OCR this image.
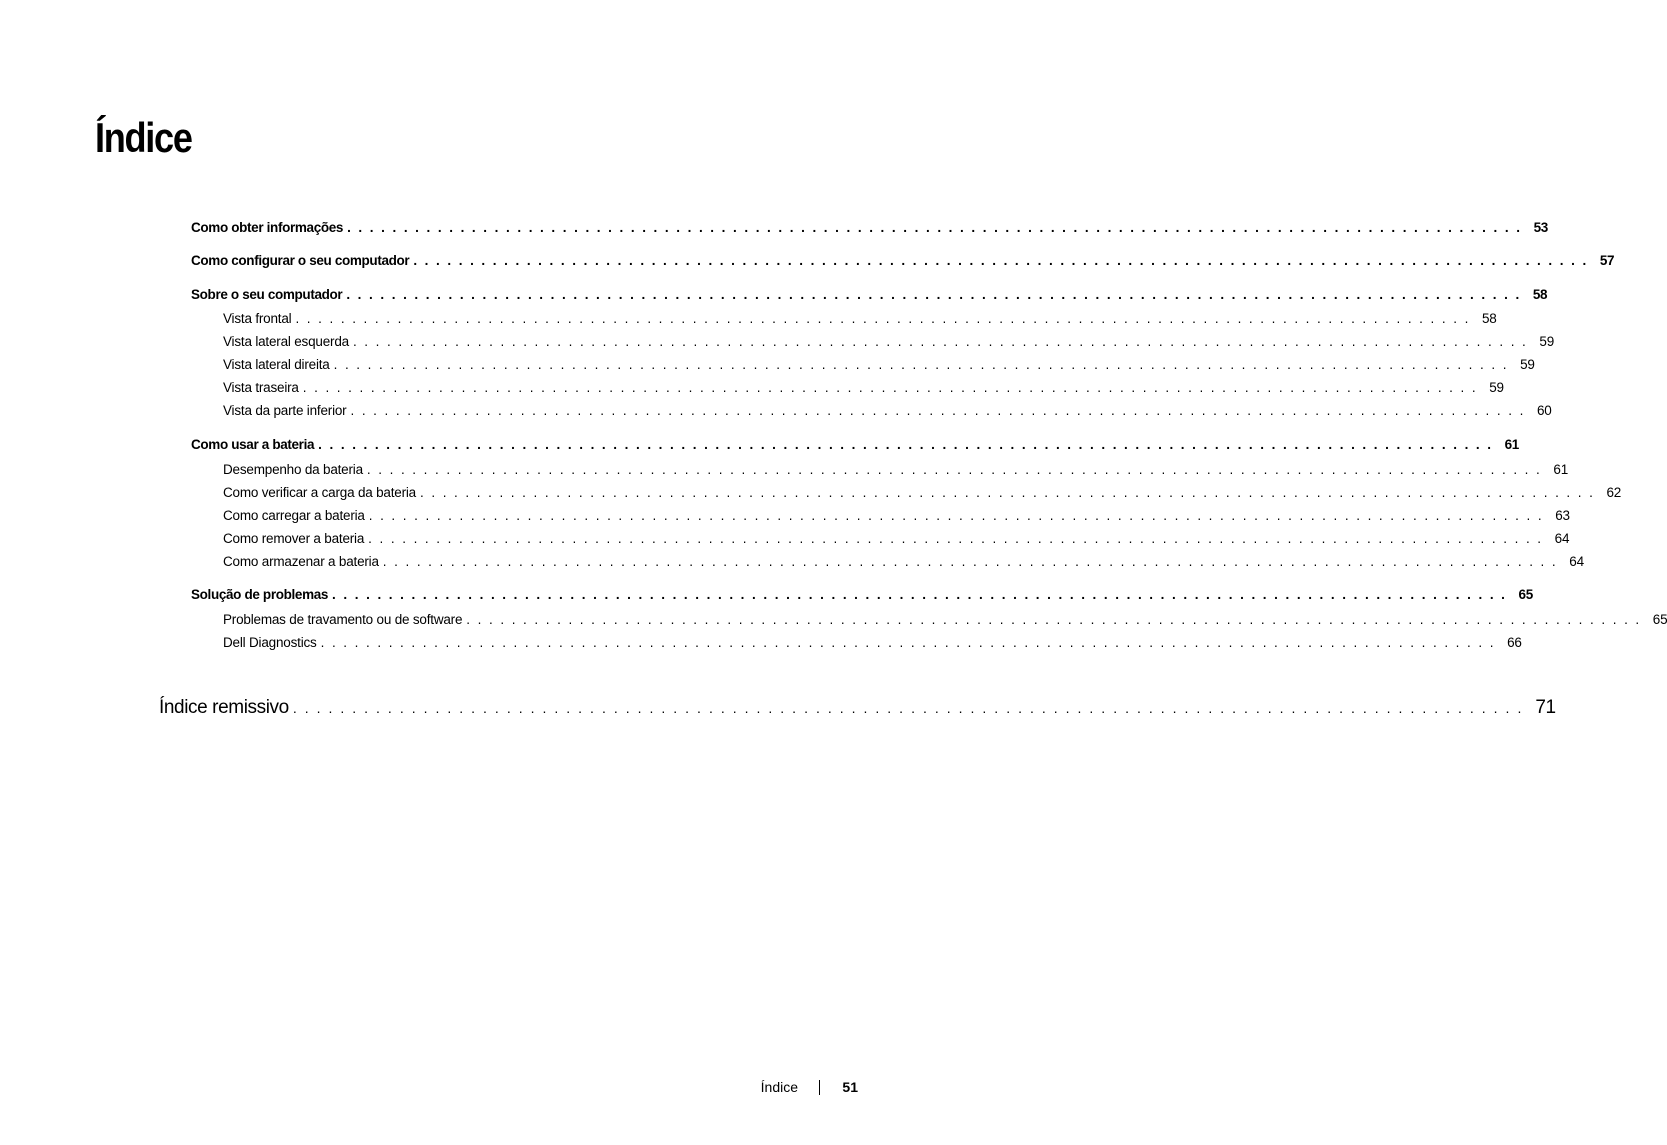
Índice
Como obter informações ........................................................................................................ 53
Como configurar o seu computador ........................................................................................................ 57
Sobre o seu computador ........................................................................................................ 58
Vista frontal ........................................................................................................ 58
Vista lateral esquerda ........................................................................................................ 59
Vista lateral direita ........................................................................................................ 59
Vista traseira ........................................................................................................ 59
Vista da parte inferior ........................................................................................................ 60
Como usar a bateria ........................................................................................................ 61
Desempenho da bateria ........................................................................................................ 61
Como verificar a carga da bateria ........................................................................................................ 62
Como carregar a bateria ........................................................................................................ 63
Como remover a bateria ........................................................................................................ 64
Como armazenar a bateria ........................................................................................................ 64
Solução de problemas ........................................................................................................ 65
Problemas de travamento ou de software ........................................................................................................ 65
Dell Diagnostics ........................................................................................................ 66
Índice remissivo ........................................................................................................ 71
Índice	51
